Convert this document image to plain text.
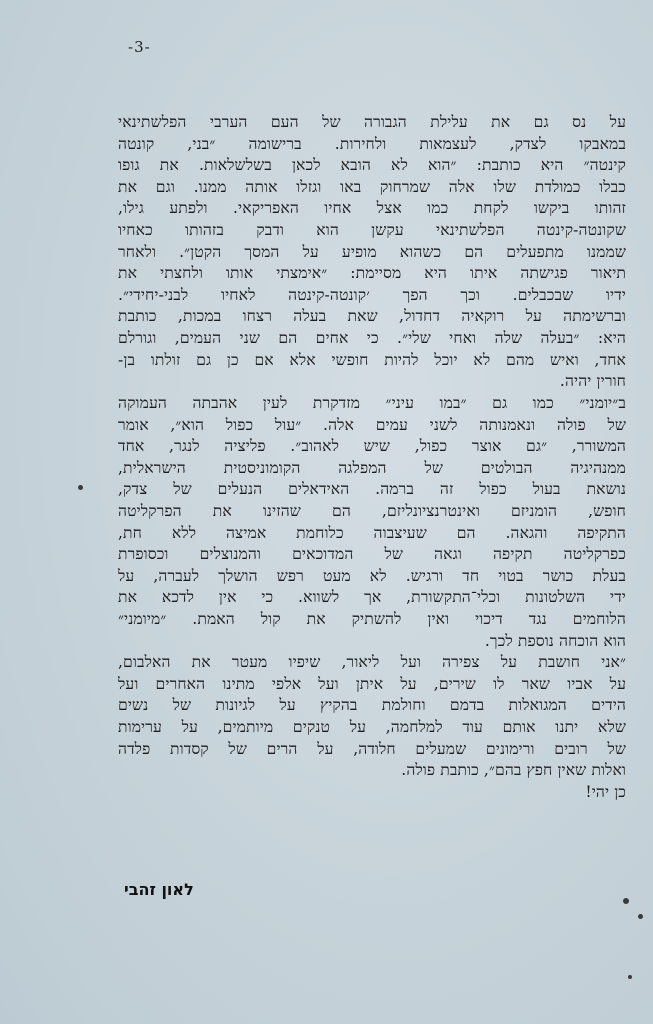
-3-
על נס גם את עלילת הגבורה של העם הערבי הפלשתינאי
במאבקו לצדק, לעצמאות ולחירות. ברישומה ״בני, קונטה
קינטה״ היא כותבת: ״הוא לא הובא לכאן בשלשלאות. את גופו
כבלו כמולדת שלו אלה שמרחוק באו וגזלו אותה ממנו. וגם את
זהותו ביקשו לקחת כמו אצל אחיו האפריקאי. ולפתע גילו,
שקונטה-קינטה הפלשתינאי עקשן הוא ודבק בזהותו כאחיו
שממנו מתפעלים הם כשהוא מופיע על המסך הקטן״. ולאחר
תיאור פגישתה איתו היא מסיימת: ״אימצתי אותו ולחצתי את
ידיו שבכבלים. וכך הפך ׳קונטה-קינטה לאחיו לבני-יחידי״.
וברשימתה על רוקאיה דחדול, שאת בעלה רצחו במכות, כותבת
היא: ״בעלה שלה ואחי שלי״. כי אחים הם שני העמים, וגורלם
אחד, ואיש מהם לא יוכל להיות חופשי אלא אם כן גם זולתו בן-
חורין יהיה.
ב״יומני״ כמו גם ״במו עיני״ מזדקרת לעין אהבתה העמוקה
של פולה ונאמנותה לשני עמים אלה. ״עול כפול הוא״, אומר
המשורר, ״גם אוצר כפול, שיש לאהוב״. פליציה לנגר, אחד
ממנהיגיה הבולטים של המפלגה הקומוניסטית הישראלית,
נושאת בעול כפול זה ברמה. האידאלים הנעלים של צדק,
חופש, הומניזם ואינטרנציונליזם, הם שהזינו את הפרקליטה
התקיפה והגאה. הם שעיצבוה כלוחמת אמיצה ללא חת,
כפרקליטה תקיפה וגאה של המדוכאים והמנוצלים וכסופרת
בעלת כושר בטוי חד ורגיש. לא מעט רפש הושלך לעברה, על
ידי השלטונות וכלי־התקשורת, אך לשווא. כי אין לדכא את
הלוחמים נגד דיכוי ואין להשתיק את קול האמת. ״מיומני״
הוא הוכחה נוספת לכך.
״אני חושבת על צפירה ועל ליאור, שיפיו מעטר את האלבום,
על אביו שאר לו שירים, על איתן ועל אלפי מתינו האחרים ועל
הידים המגואלות בדמם וחולמת בהקיץ על לגיונות של נשים
שלא יתנו אותם עוד למלחמה, על טנקים מיותמים, על ערימות
של רובים ורימונים שמעלים חלודה, על הרים של קסדות פלדה
ואלות שאין חפץ בהם״, כותבת פולה.
כן יהי!
לאון זהבי
